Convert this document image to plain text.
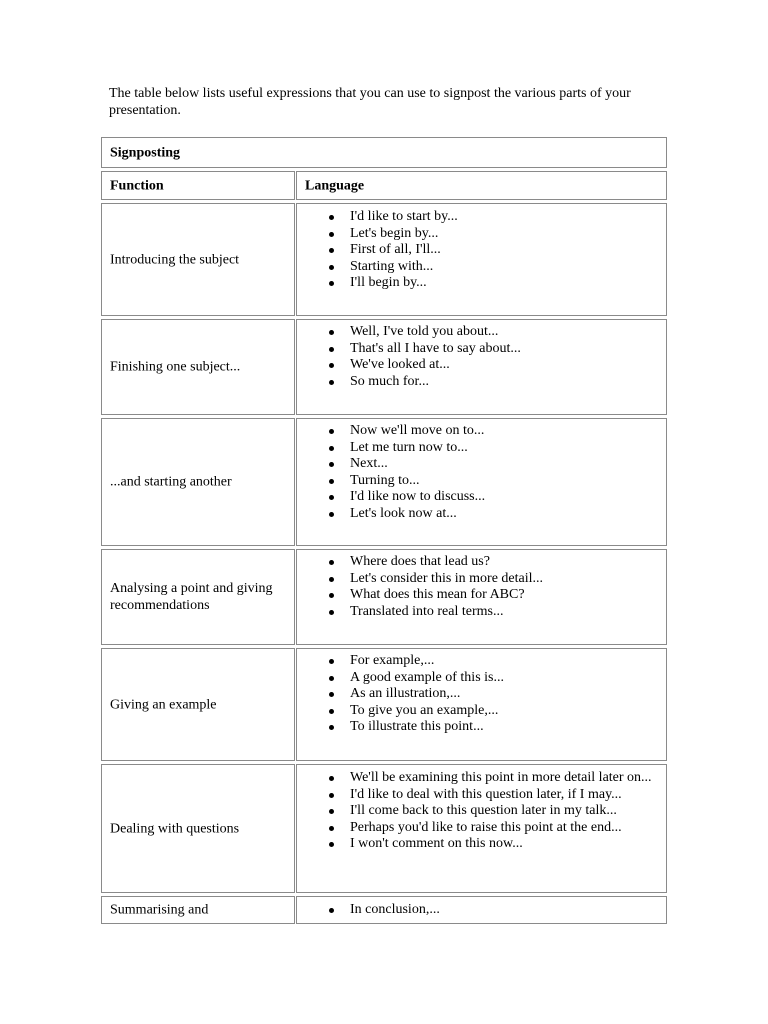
The table below lists useful expressions that you can use to signpost the various parts of your presentation.

Signposting
Function	Language
Introducing the subject
I'd like to start by...
Let's begin by...
First of all, I'll...
Starting with...
I'll begin by...
Finishing one subject...
Well, I've told you about...
That's all I have to say about...
We've looked at...
So much for...
...and starting another
Now we'll move on to...
Let me turn now to...
Next...
Turning to...
I'd like now to discuss...
Let's look now at...
Analysing a point and giving recommendations
Where does that lead us?
Let's consider this in more detail...
What does this mean for ABC?
Translated into real terms...
Giving an example
For example,...
A good example of this is...
As an illustration,...
To give you an example,...
To illustrate this point...
Dealing with questions
We'll be examining this point in more detail later on...
I'd like to deal with this question later, if I may...
I'll come back to this question later in my talk...
Perhaps you'd like to raise this point at the end...
I won't comment on this now...
Summarising and	In conclusion,...
